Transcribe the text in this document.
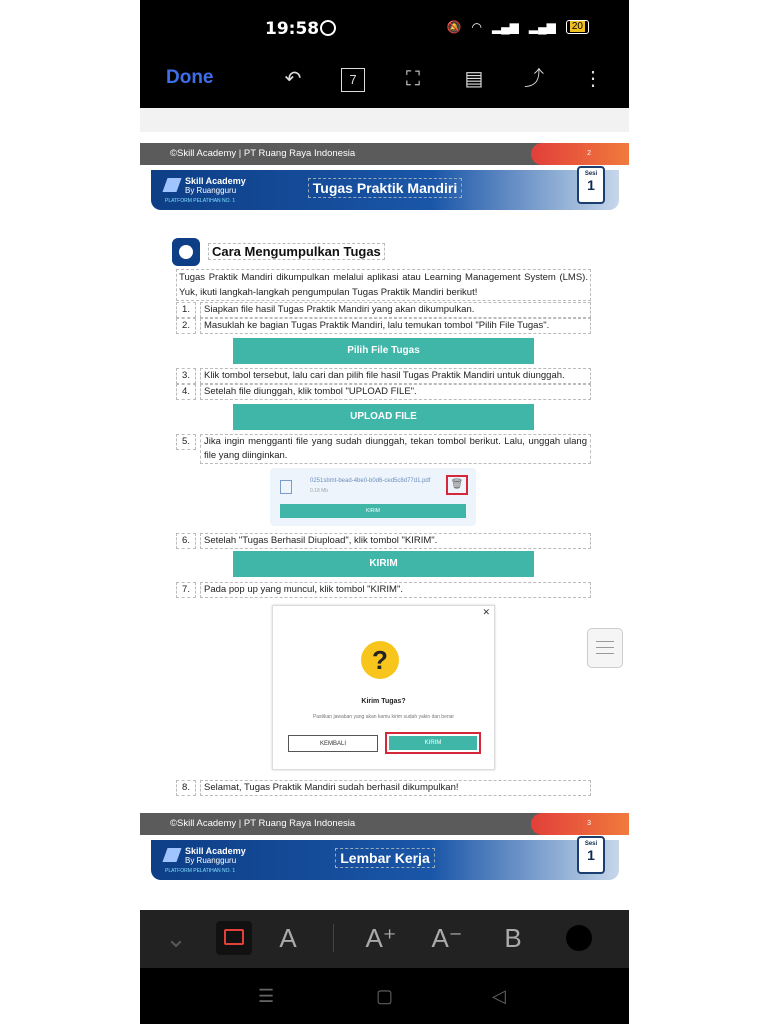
19:58	🔕 ◠ ▂▄▆ ▂▄▆	20
Done	↶	7	⛶	▤ ⤴ ⋮
©Skill Academy | PT Ruang Raya Indonesia	2
Skill Academy
By Ruangguru
PLATFORM PELATIHAN NO. 1
Tugas Praktik Mandiri
Sesi
1
Cara Mengumpulkan Tugas
Tugas Praktik Mandiri dikumpulkan melalui aplikasi atau Learning Management System (LMS). Yuk, ikuti langkah-langkah pengumpulan Tugas Praktik Mandiri berikut!
1.	Siapkan file hasil Tugas Praktik Mandiri yang akan dikumpulkan.
2.	Masuklah ke bagian Tugas Praktik Mandiri, lalu temukan tombol "Pilih File Tugas".
Pilih File Tugas
3.	Klik tombol tersebut, lalu cari dan pilih file hasil Tugas Praktik Mandiri untuk diunggah.
4.	Setelah file diunggah, klik tombol "UPLOAD FILE".
UPLOAD FILE
5.	Jika ingin mengganti file yang sudah diunggah, tekan tombol berikut. Lalu, unggah ulang file yang diinginkan.
0251sbmt-bead-4be0-b0d6-ced5c8d77d1.pdf
0.18 Mb
🗑
KIRIM
6.	Setelah "Tugas Berhasil Diupload", klik tombol "KIRIM".
KIRIM
7.	Pada pop up yang muncul, klik tombol "KIRIM".
✕
?
Kirim Tugas?
Pastikan jawaban yang akan kamu kirim sudah yakin dan benar
KEMBALI	KIRIM
8.	Selamat, Tugas Praktik Mandiri sudah berhasil dikumpulkan!
©Skill Academy | PT Ruang Raya Indonesia	3
Skill Academy
By Ruangguru
PLATFORM PELATIHAN NO. 1
Lembar Kerja
Sesi
1
⌄	A	A⁺ A⁻ B
☰	▢	◁
